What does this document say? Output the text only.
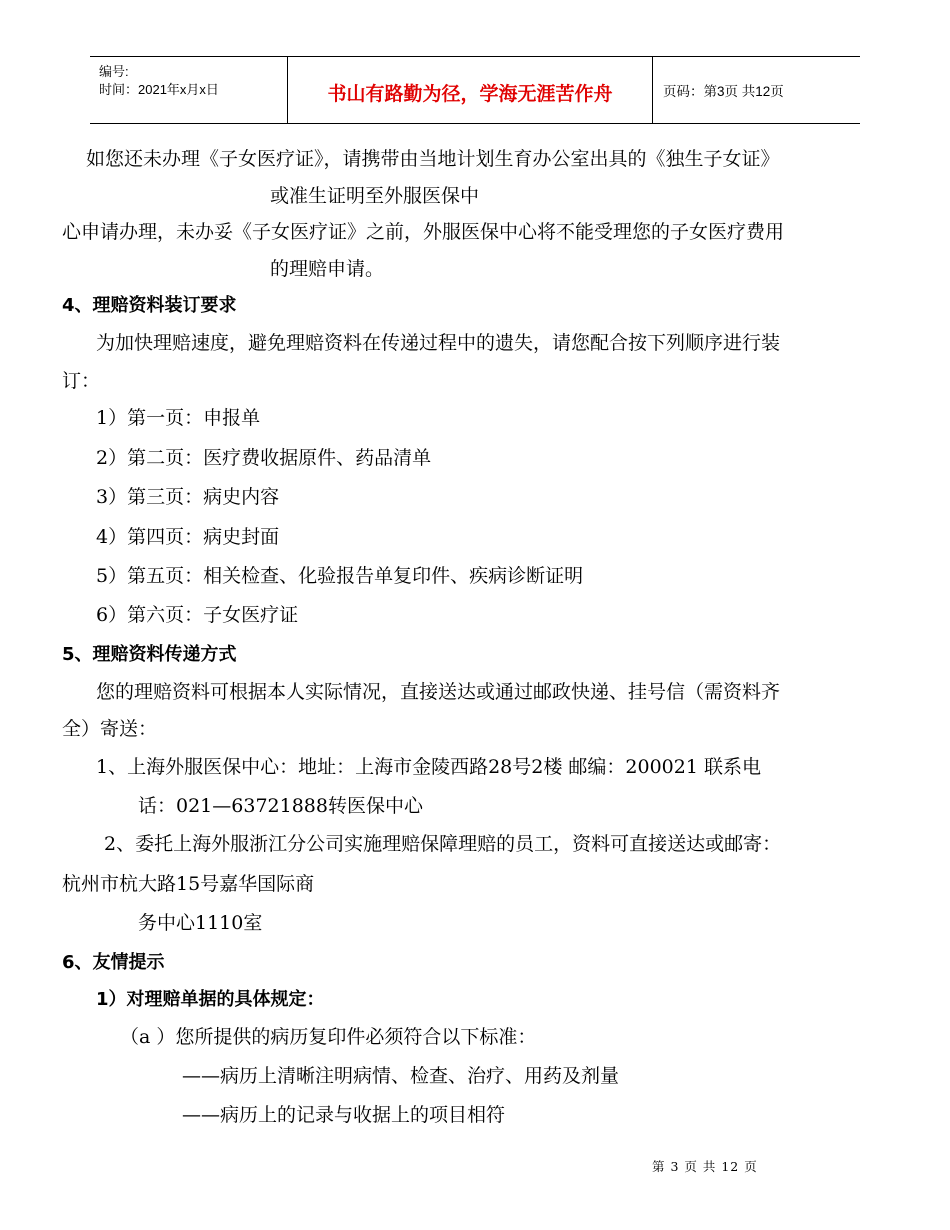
编号:
时间：2021年x月x日	书山有路勤为径，学海无涯苦作舟	页码：第3页 共12页
如您还未办理《子女医疗证》，请携带由当地计划生育办公室出具的《独生子女证》
或准生证明至外服医保中
心申请办理，未办妥《子女医疗证》之前，外服医保中心将不能受理您的子女医疗费用
的理赔申请。
4、理赔资料装订要求
为加快理赔速度，避免理赔资料在传递过程中的遗失，请您配合按下列顺序进行装
订：
1）第一页：申报单
2）第二页：医疗费收据原件、药品清单
3）第三页：病史内容
4）第四页：病史封面
5）第五页：相关检查、化验报告单复印件、疾病诊断证明
6）第六页：子女医疗证
5、理赔资料传递方式
您的理赔资料可根据本人实际情况，直接送达或通过邮政快递、挂号信（需资料齐
全）寄送：
1、上海外服医保中心：地址：上海市金陵西路28号2楼 邮编：200021 联系电
话：021—63721888转医保中心
2、委托上海外服浙江分公司实施理赔保障理赔的员工，资料可直接送达或邮寄：
杭州市杭大路15号嘉华国际商
务中心1110室
6、友情提示
1）对理赔单据的具体规定：
（a ）您所提供的病历复印件必须符合以下标准：
——病历上清晰注明病情、检查、治疗、用药及剂量
——病历上的记录与收据上的项目相符
第 3 页 共 12 页
